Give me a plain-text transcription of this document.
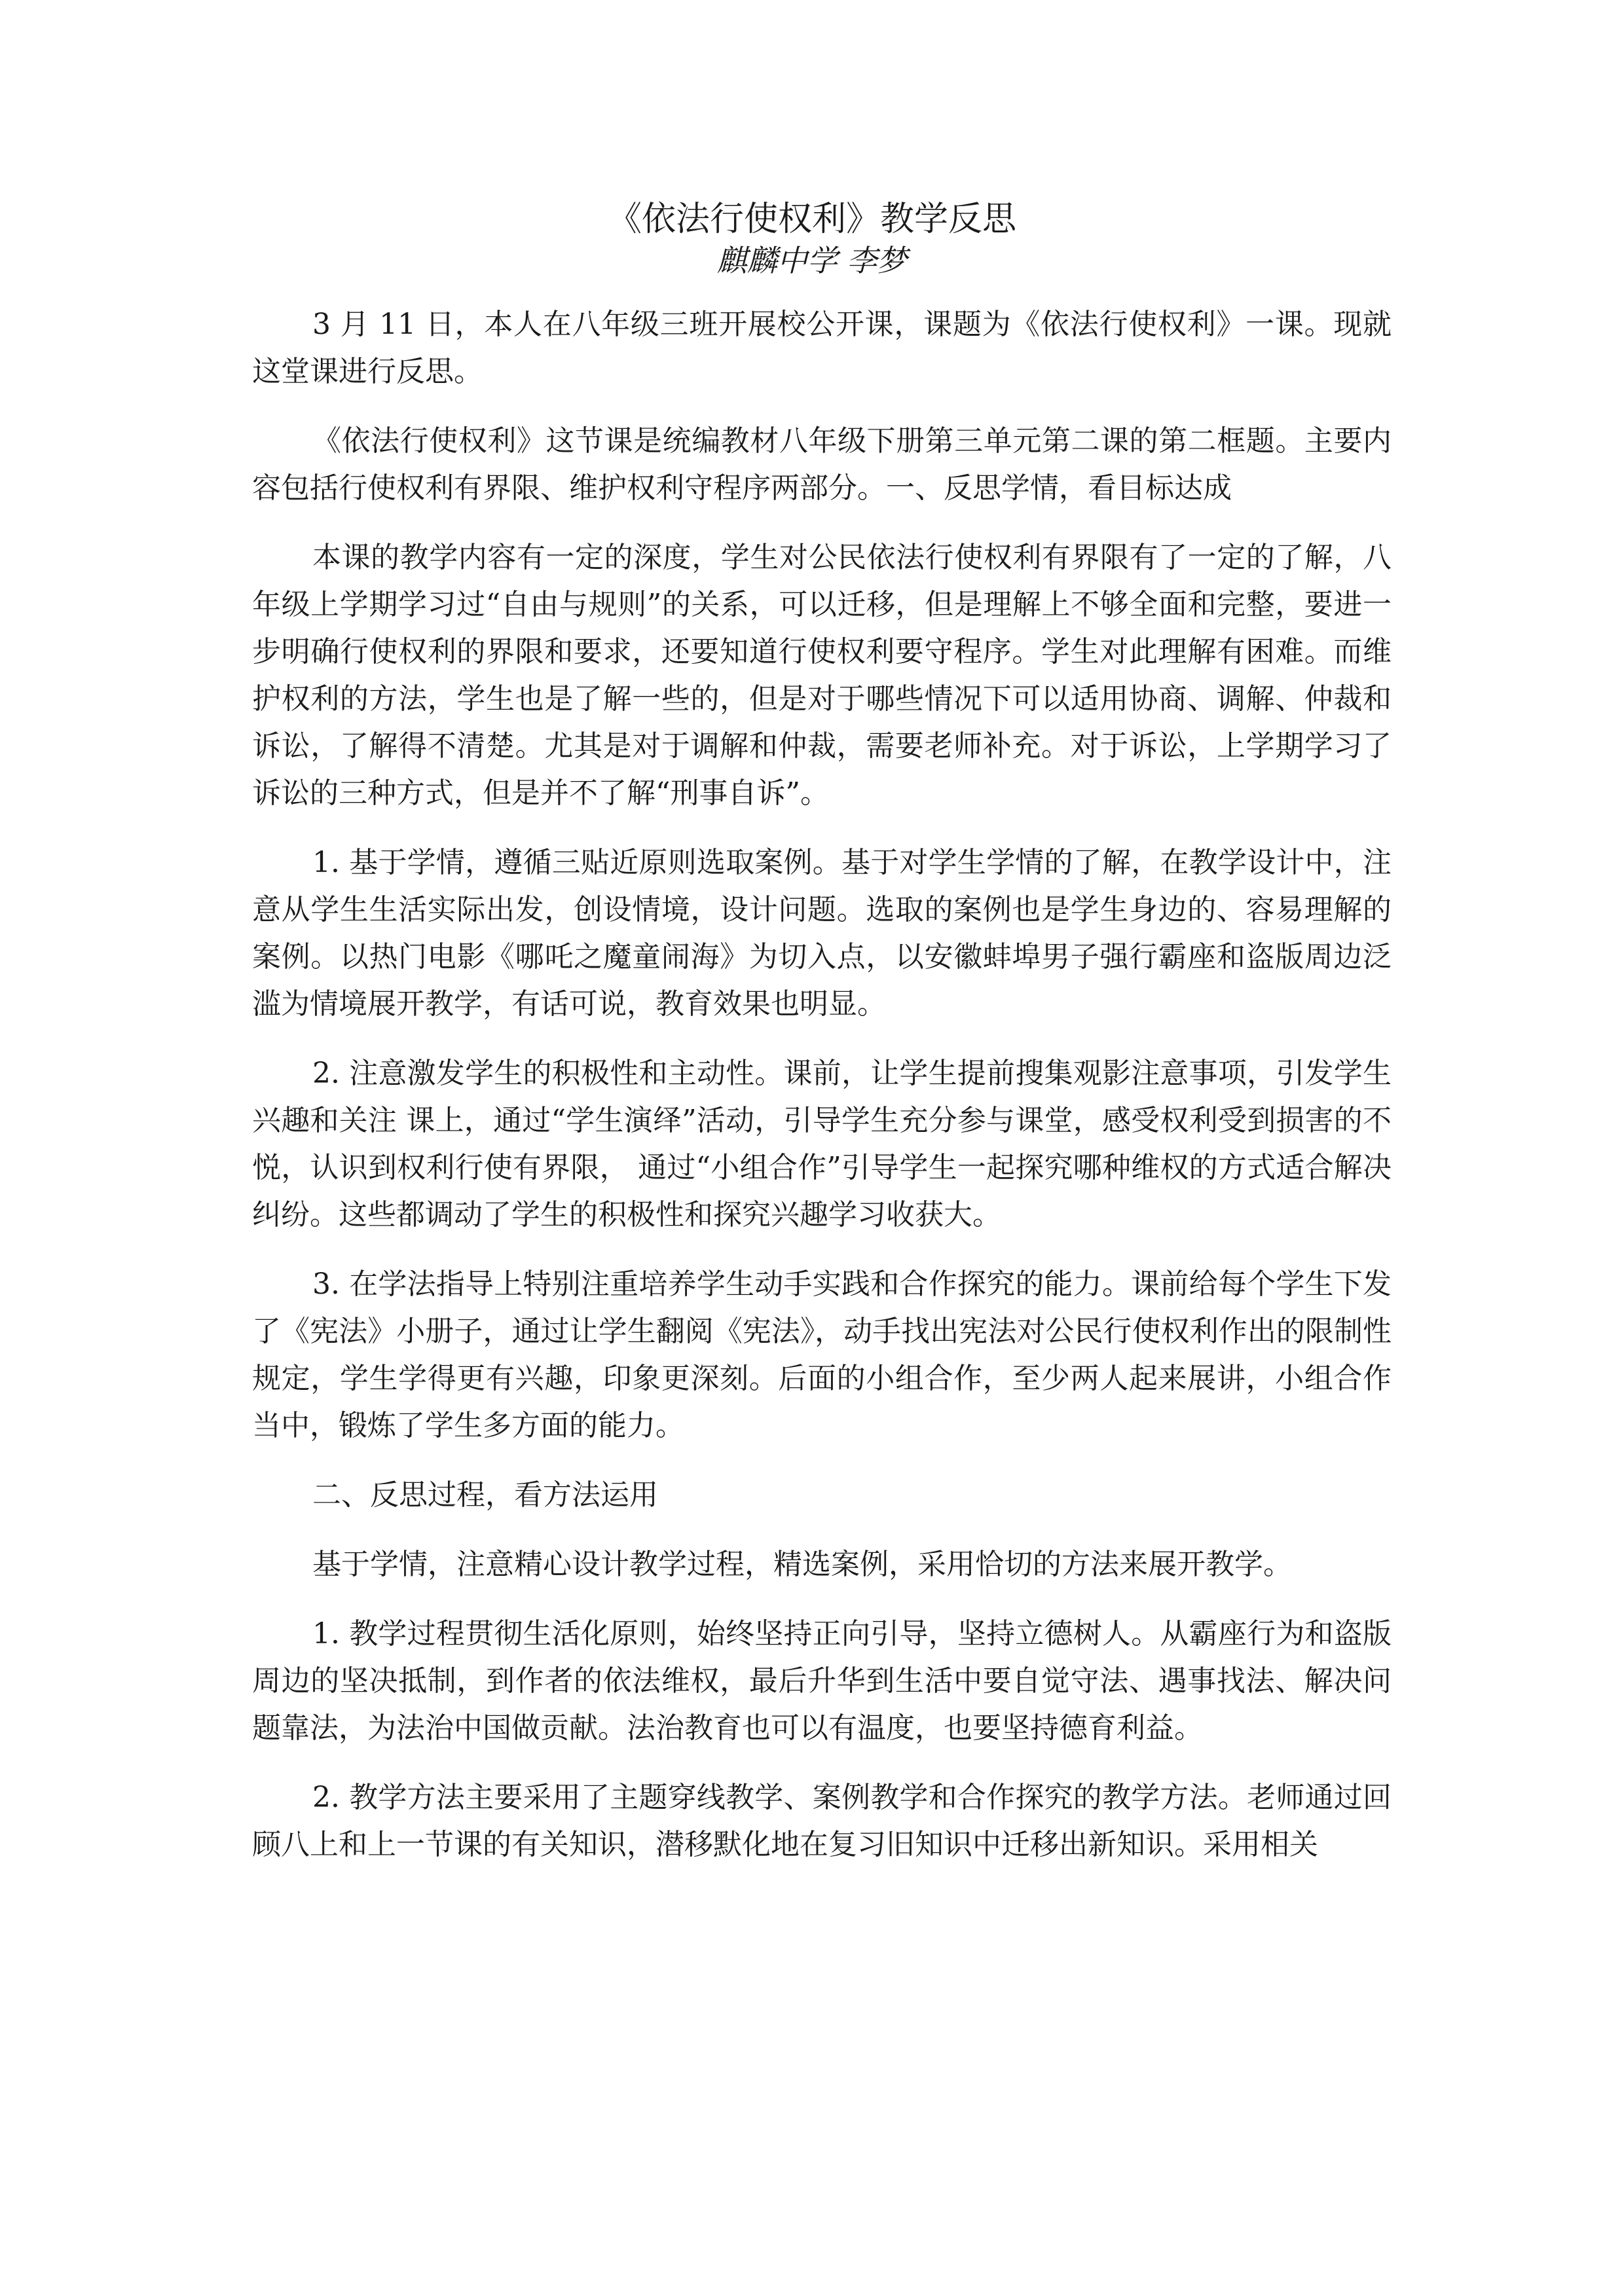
《依法行使权利》教学反思
麒麟中学 李梦

3 月 11 日，本人在八年级三班开展校公开课，课题为《依法行使权利》一课。现就这堂课进行反思。

《依法行使权利》这节课是统编教材八年级下册第三单元第二课的第二框题。主要内容包括行使权利有界限、维护权利守程序两部分。一、反思学情，看目标达成

本课的教学内容有一定的深度，学生对公民依法行使权利有界限有了一定的了解，八年级上学期学习过“自由与规则”的关系，可以迁移，但是理解上不够全面和完整，要进一步明确行使权利的界限和要求，还要知道行使权利要守程序。学生对此理解有困难。而维护权利的方法，学生也是了解一些的，但是对于哪些情况下可以适用协商、调解、仲裁和诉讼，了解得不清楚。尤其是对于调解和仲裁，需要老师补充。对于诉讼，上学期学习了诉讼的三种方式，但是并不了解“刑事自诉”。

1. 基于学情，遵循三贴近原则选取案例。基于对学生学情的了解，在教学设计中，注意从学生生活实际出发，创设情境，设计问题。选取的案例也是学生身边的、容易理解的案例。以热门电影《哪吒之魔童闹海》为切入点，以安徽蚌埠男子强行霸座和盗版周边泛滥为情境展开教学，有话可说，教育效果也明显。

2. 注意激发学生的积极性和主动性。课前，让学生提前搜集观影注意事项，引发学生兴趣和关注 课上，通过“学生演绎”活动，引导学生充分参与课堂，感受权利受到损害的不悦，认识到权利行使有界限， 通过“小组合作”引导学生一起探究哪种维权的方式适合解决纠纷。这些都调动了学生的积极性和探究兴趣学习收获大。

3. 在学法指导上特别注重培养学生动手实践和合作探究的能力。课前给每个学生下发了《宪法》小册子，通过让学生翻阅《宪法》，动手找出宪法对公民行使权利作出的限制性规定，学生学得更有兴趣，印象更深刻。后面的小组合作，至少两人起来展讲，小组合作当中，锻炼了学生多方面的能力。

二、反思过程，看方法运用

基于学情，注意精心设计教学过程，精选案例，采用恰切的方法来展开教学。

1. 教学过程贯彻生活化原则，始终坚持正向引导，坚持立德树人。从霸座行为和盗版周边的坚决抵制，到作者的依法维权，最后升华到生活中要自觉守法、遇事找法、解决问题靠法，为法治中国做贡献。法治教育也可以有温度，也要坚持德育利益。

2. 教学方法主要采用了主题穿线教学、案例教学和合作探究的教学方法。老师通过回顾八上和上一节课的有关知识，潜移默化地在复习旧知识中迁移出新知识。采用相关
